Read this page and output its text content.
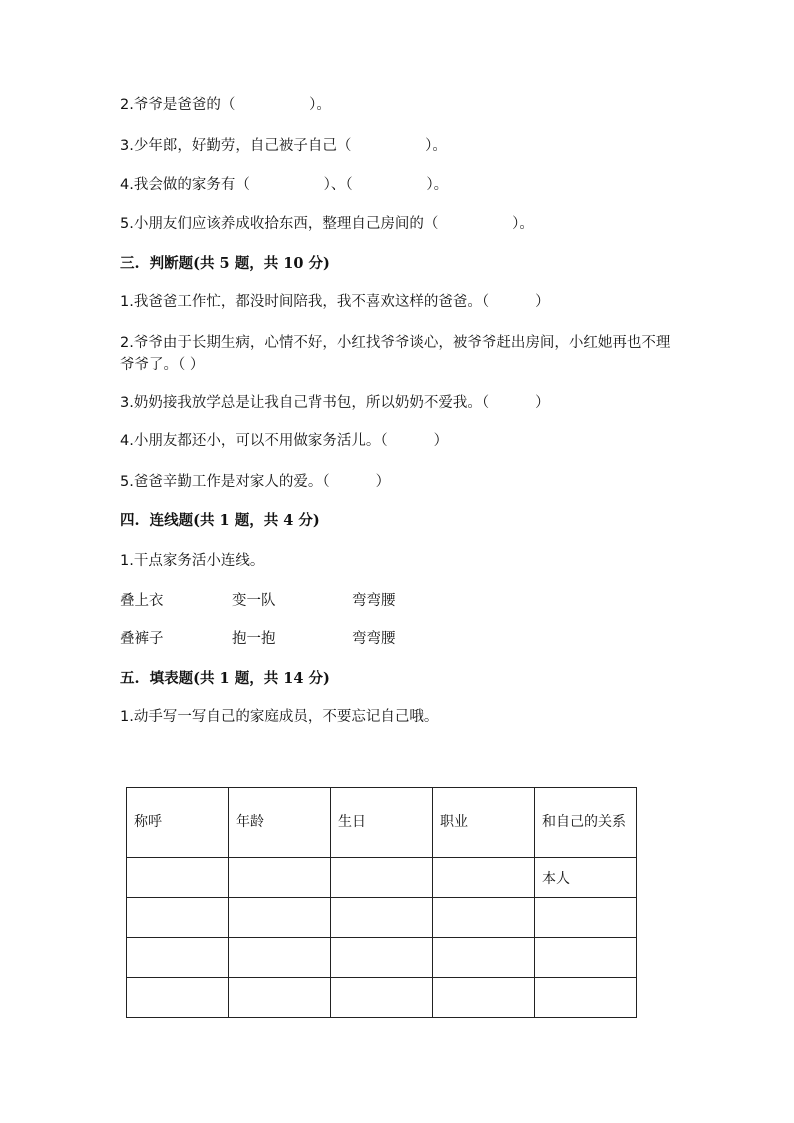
2.爷爷是爸爸的（                ）。
3.少年郎，好勤劳，自己被子自己（                ）。
4.我会做的家务有（                ）、（                ）。
5.小朋友们应该养成收拾东西，整理自己房间的（                ）。
三.  判断题(共 5 题，共 10 分)
1.我爸爸工作忙，都没时间陪我，我不喜欢这样的爸爸。（          ）
2.爷爷由于长期生病，心情不好，小红找爷爷谈心，被爷爷赶出房间，小红她再也不理爷爷了。（ ）
3.奶奶接我放学总是让我自己背书包，所以奶奶不爱我。（          ）
4.小朋友都还小，可以不用做家务活儿。（          ）
5.爸爸辛勤工作是对家人的爱。（          ）
四.  连线题(共 1 题，共 4 分)
1.干点家务活小连线。
叠上衣	变一队	弯弯腰
叠裤子	抱一抱	弯弯腰
五.  填表题(共 1 题，共 14 分)
1.动手写一写自己的家庭成员，不要忘记自己哦。
称呼	年龄	生日	职业	和自己的关系
				本人
